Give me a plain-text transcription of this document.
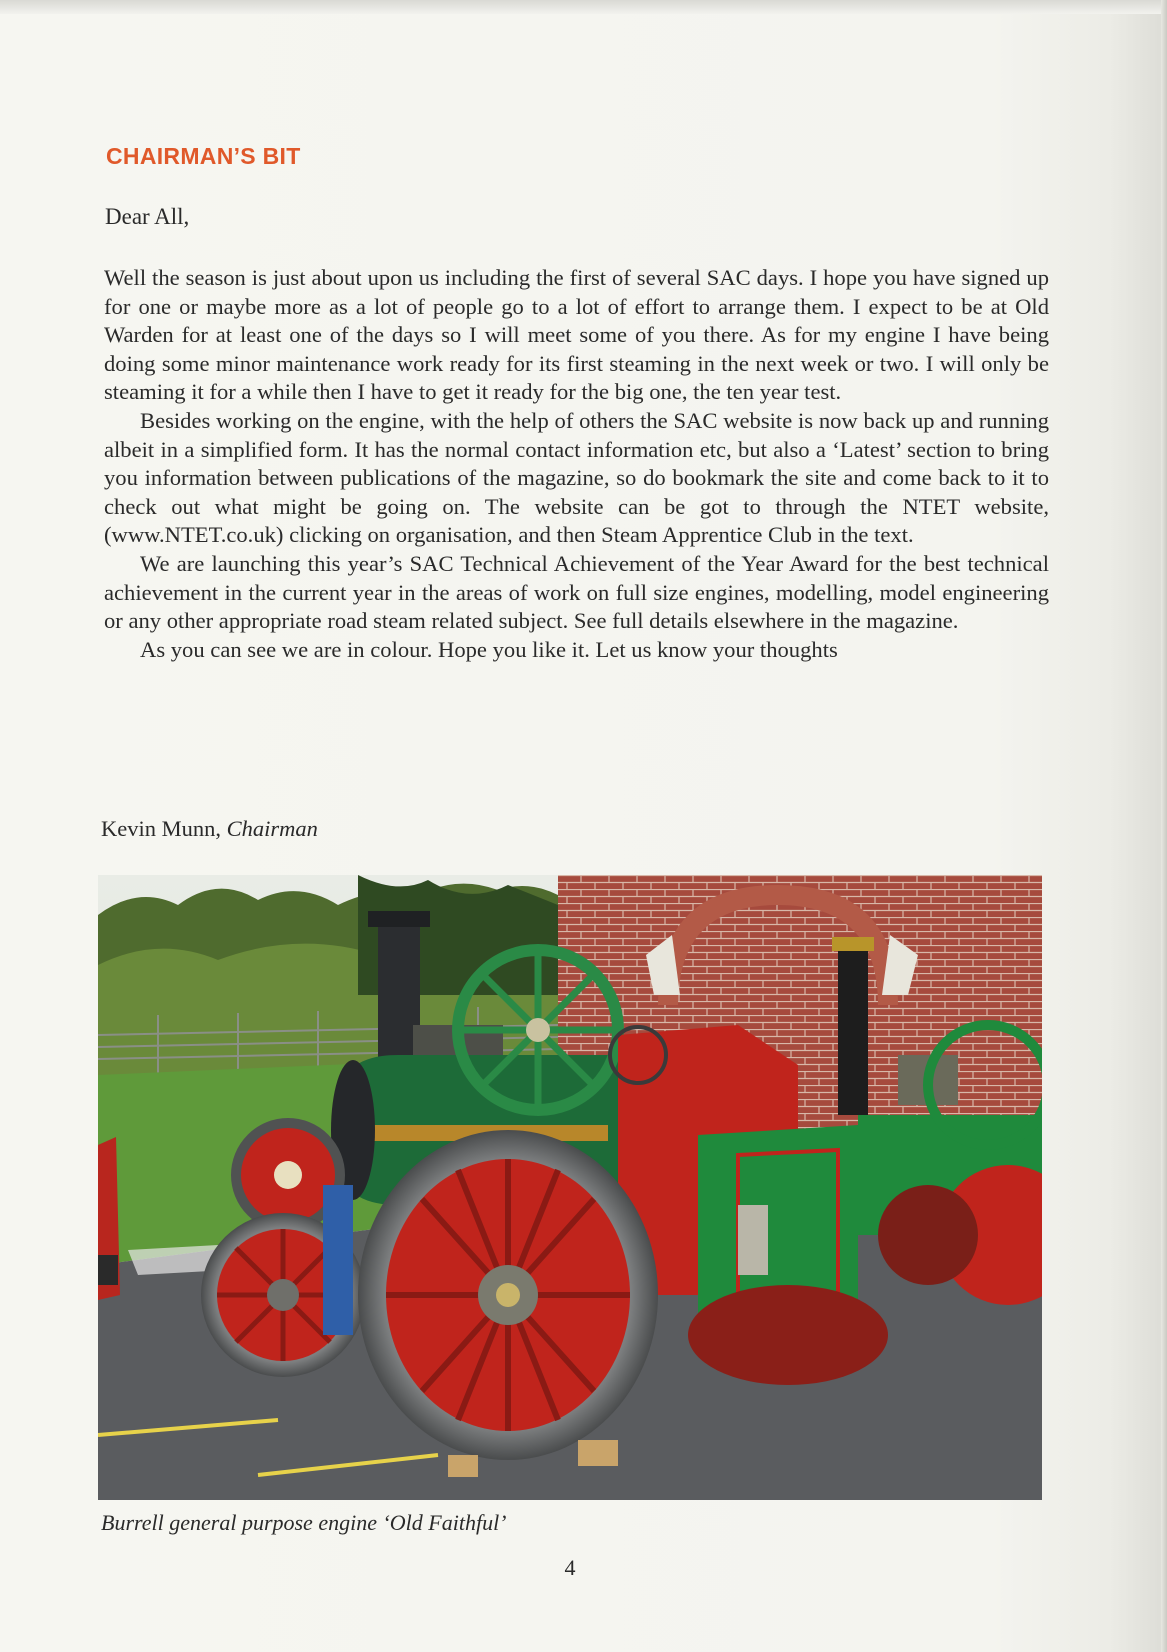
CHAIRMAN’S BIT
Dear All,

Well the season is just about upon us including the first of several SAC days. I hope you have signed up for one or maybe more as a lot of people go to a lot of effort to arrange them. I expect to be at Old Warden for at least one of the days so I will meet some of you there. As for my engine I have being doing some minor maintenance work ready for its first steaming in the next week or two. I will only be steaming it for a while then I have to get it ready for the big one, the ten year test.

Besides working on the engine, with the help of others the SAC website is now back up and running albeit in a simplified form. It has the normal contact information etc, but also a ‘Latest’ section to bring you information between publications of the magazine, so do bookmark the site and come back to it to check out what might be going on. The website can be got to through the NTET website, (www.NTET.co.uk) clicking on organisation, and then Steam Apprentice Club in the text.

We are launching this year’s SAC Technical Achievement of the Year Award for the best technical achievement in the current year in the areas of work on full size engines, modelling, model engineering or any other appropriate road steam related subject. See full details elsewhere in the magazine.

As you can see we are in colour. Hope you like it. Let us know your thoughts

Kevin Munn, Chairman
Burrell general purpose engine ‘Old Faithful’
4
